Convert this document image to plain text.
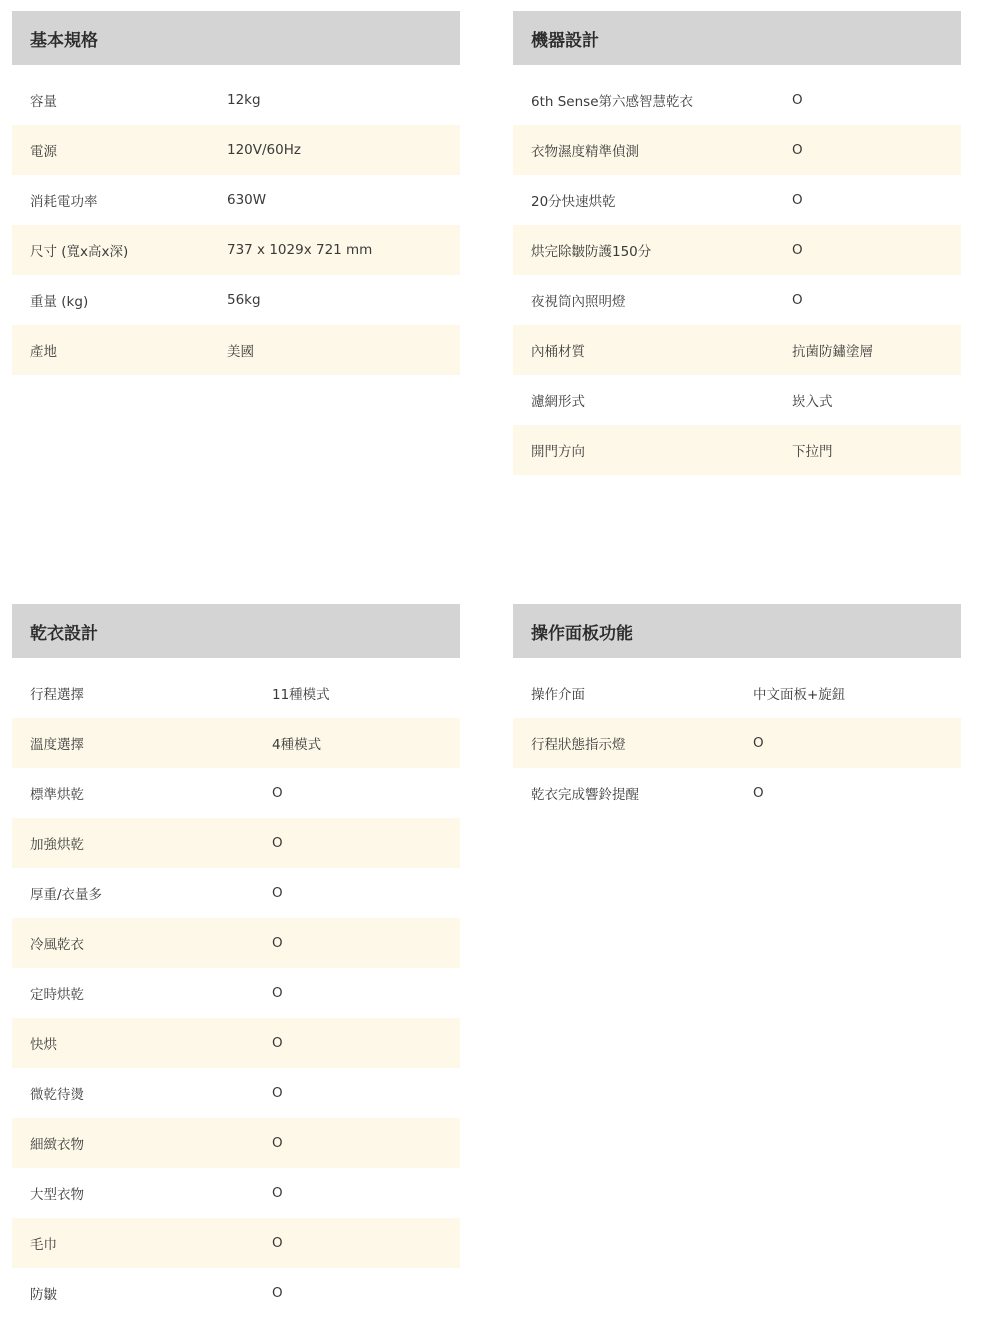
基本規格
容量	12kg
電源	120V/60Hz
消耗電功率	630W
尺寸 (寬x高x深)	737 x 1029x 721 mm
重量 (kg)	56kg
產地	美國
機器設計
6th Sense第六感智慧乾衣	O
衣物濕度精準偵測	O
20分快速烘乾	O
烘完除皺防護150分	O
夜視筒內照明燈	O
內桶材質	抗菌防鏽塗層
濾網形式	崁入式
開門方向	下拉門
乾衣設計
行程選擇	11種模式
溫度選擇	4種模式
標準烘乾	O
加強烘乾	O
厚重/衣量多	O
冷風乾衣	O
定時烘乾	O
快烘	O
微乾待燙	O
細緻衣物	O
大型衣物	O
毛巾	O
防皺	O
操作面板功能
操作介面	中文面板+旋鈕
行程狀態指示燈	O
乾衣完成響鈴提醒	O
